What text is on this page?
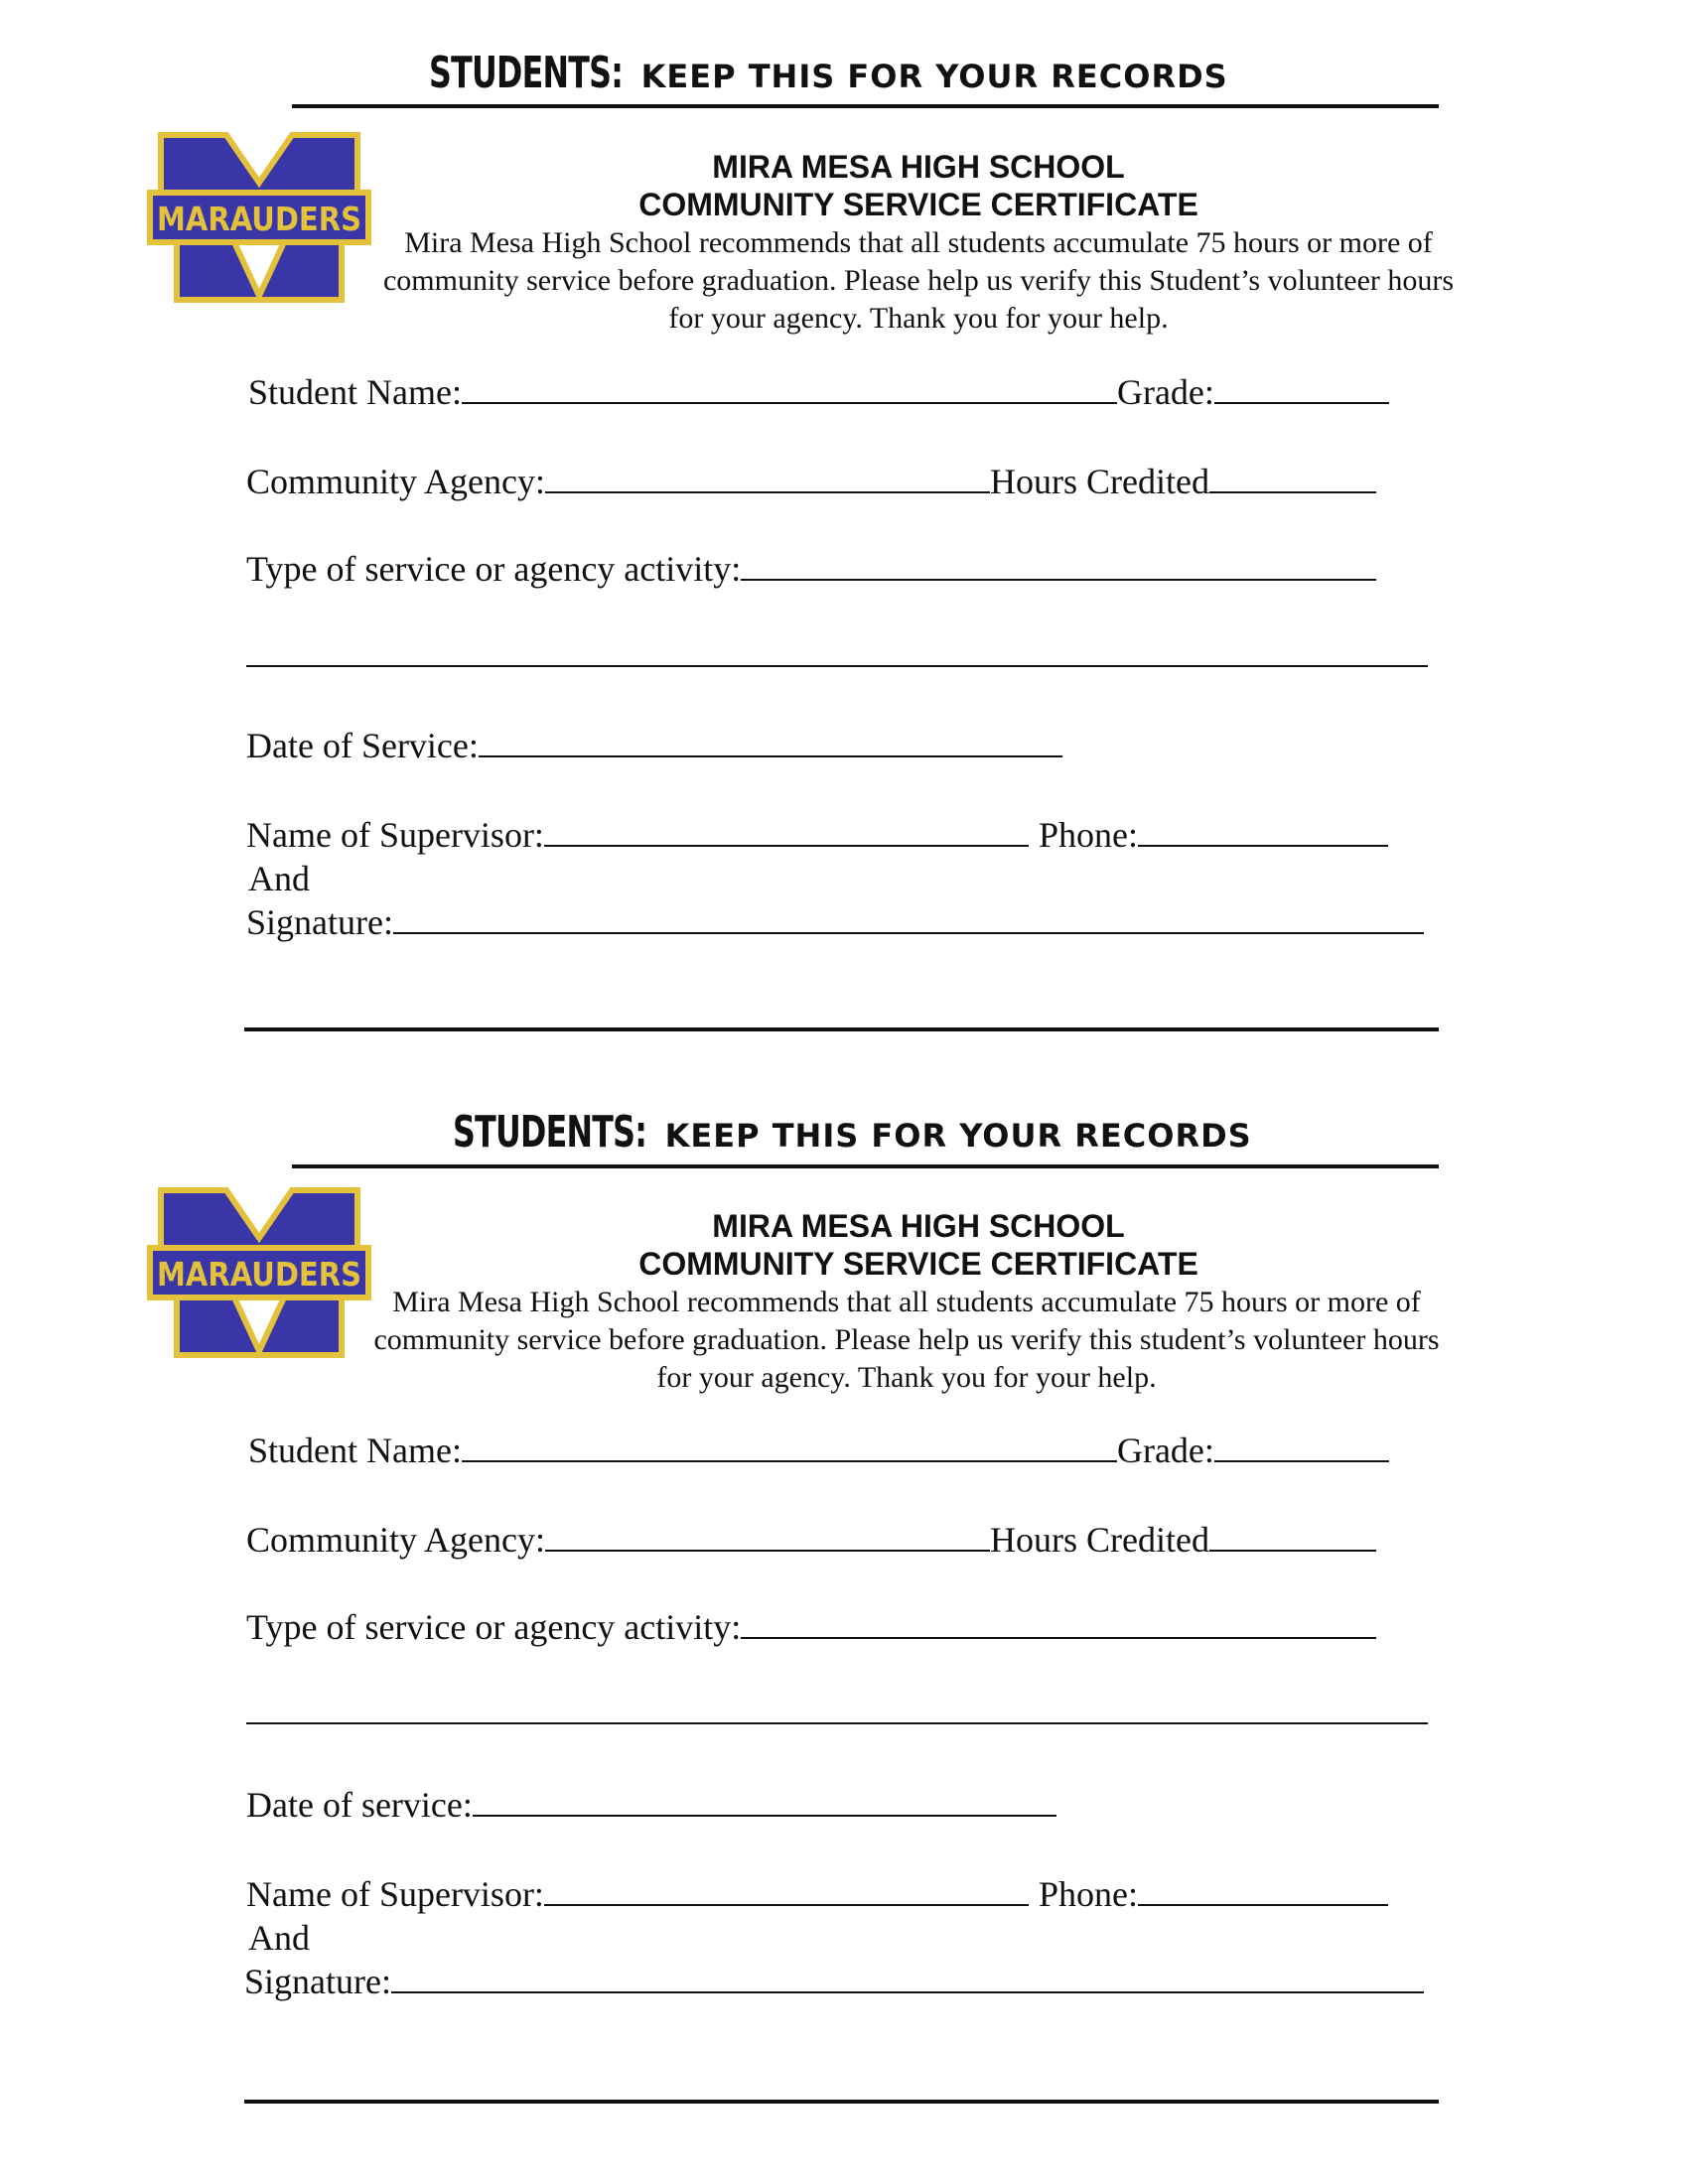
STUDENTS: KEEP THIS FOR YOUR RECORDS
MARAUDERS
MIRA MESA HIGH SCHOOL
COMMUNITY SERVICE CERTIFICATE
Mira Mesa High School recommends that all students accumulate 75 hours or more of community service before graduation. Please help us verify this Student’s volunteer hours for your agency. Thank you for your help.
Student Name:	Grade:
Community Agency:	Hours Credited
Type of service or agency activity:
Date of Service:
Name of Supervisor:	Phone:
And
Signature:
STUDENTS: KEEP THIS FOR YOUR RECORDS
MARAUDERS
MIRA MESA HIGH SCHOOL
COMMUNITY SERVICE CERTIFICATE
Mira Mesa High School recommends that all students accumulate 75 hours or more of community service before graduation. Please help us verify this student’s volunteer hours for your agency. Thank you for your help.
Student Name:	Grade:
Community Agency:	Hours Credited
Type of service or agency activity:
Date of service:
Name of Supervisor:	Phone:
And
Signature:
